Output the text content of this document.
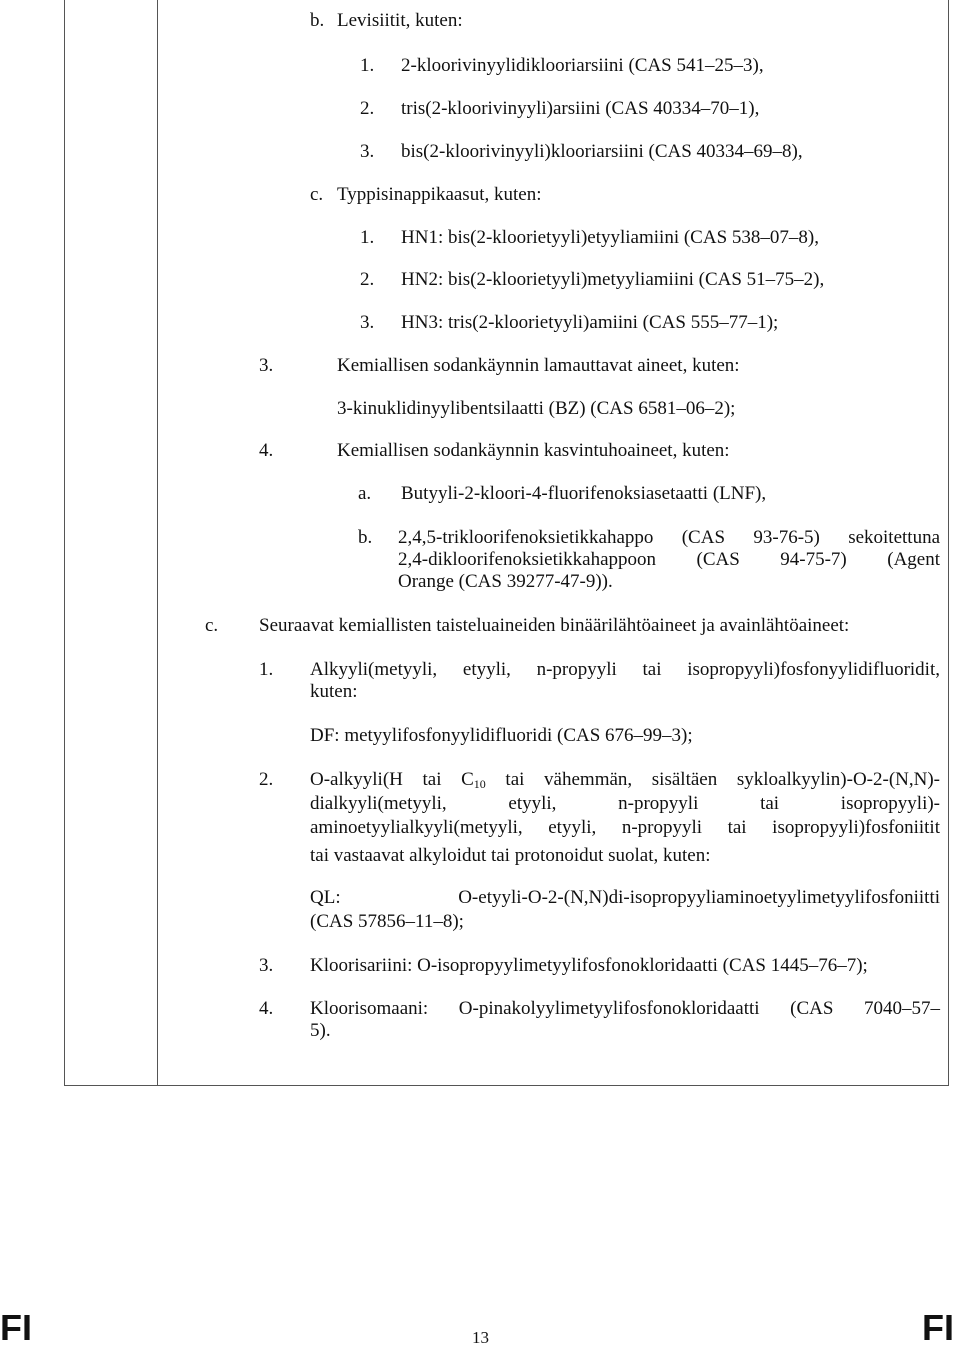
b. Levisiitit, kuten:
1. 2-kloorivinyylidiklooriarsiini (CAS 541–25–3),
2. tris(2-kloorivinyyli)arsiini (CAS 40334–70–1),
3. bis(2-kloorivinyyli)klooriarsiini (CAS 40334–69–8),
c. Typpisinappikaasut, kuten:
1. HN1: bis(2-kloorietyyli)etyyliamiini (CAS 538–07–8),
2. HN2: bis(2-kloorietyyli)metyyliamiini (CAS 51–75–2),
3. HN3: tris(2-kloorietyyli)amiini (CAS 555–77–1);
3.	Kemiallisen sodankäynnin lamauttavat aineet, kuten:
3-kinuklidinyylibentsilaatti (BZ) (CAS 6581–06–2);
4.	Kemiallisen sodankäynnin kasvintuhoaineet, kuten:
a. Butyyli-2-kloori-4-fluorifenoksiasetaatti (LNF),
b. 2,4,5-trikloorifenoksietikkahappo (CAS 93-76-5) sekoitettuna
2,4-dikloorifenoksietikkahappoon (CAS 94-75-7) (Agent
Orange (CAS 39277-47-9)).
c. Seuraavat kemiallisten taisteluaineiden binäärilähtöaineet ja avainlähtöaineet:
1. Alkyyli(metyyli, etyyli, n-propyyli tai isopropyyli)fosfonyylidifluoridit,
kuten:
DF: metyylifosfonyylidifluoridi (CAS 676–99–3);
2. O-alkyyli(H tai $C_{10}$ tai vähemmän, sisältäen sykloalkyylin)-O-2-(N,N)-
dialkyyli(metyyli, etyyli, n-propyyli tai isopropyyli)-
aminoetyylialkyyli(metyyli, etyyli, n-propyyli tai isopropyyli)fosfoniitit
tai vastaavat alkyloidut tai protonoidut suolat, kuten:
QL: O-etyyli-O-2-(N,N)di-isopropyyliaminoetyylimetyylifosfoniitti
(CAS 57856–11–8);
3. Kloorisariini: O-isopropyylimetyylifosfonokloridaatti (CAS 1445–76–7);
4. Kloorisomaani: O-pinakolyylimetyylifosfonokloridaatti (CAS 7040–57–
5).
FI	13	FI
